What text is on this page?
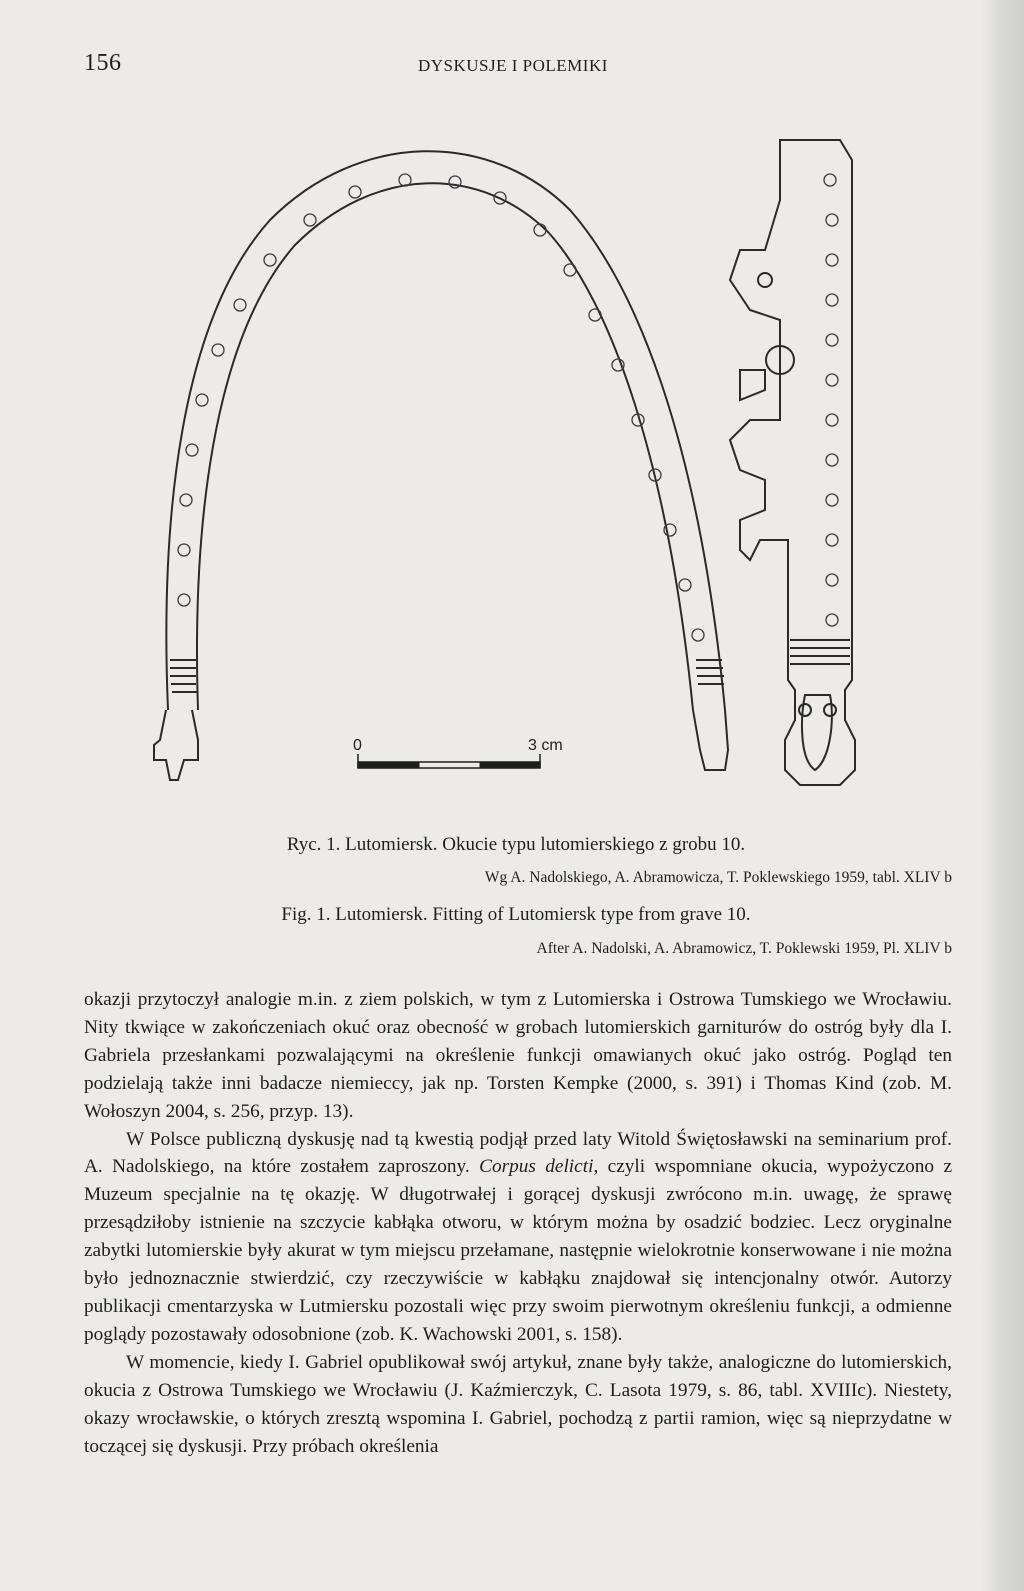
156	DYSKUSJE I POLEMIKI
0	3 cm
Ryc. 1. Lutomiersk. Okucie typu lutomierskiego z grobu 10.
Wg A. Nadolskiego, A. Abramowicza, T. Poklewskiego 1959, tabl. XLIV b
Fig. 1. Lutomiersk. Fitting of Lutomiersk type from grave 10.
After A. Nadolski, A. Abramowicz, T. Poklewski 1959, Pl. XLIV b

okazji przytoczył analogie m.in. z ziem polskich, w tym z Lutomierska i Ostrowa Tumskiego we Wrocławiu. Nity tkwiące w zakończeniach okuć oraz obecność w grobach lutomierskich garniturów do ostróg były dla I. Gabriela przesłankami pozwalającymi na określenie funkcji omawianych okuć jako ostróg. Pogląd ten podzielają także inni badacze niemieccy, jak np. Torsten Kempke (2000, s. 391) i Thomas Kind (zob. M. Wołoszyn 2004, s. 256, przyp. 13).

W Polsce publiczną dyskusję nad tą kwestią podjął przed laty Witold Świętosławski na seminarium prof. A. Nadolskiego, na które zostałem zaproszony. Corpus delicti, czyli wspomniane okucia, wypożyczono z Muzeum specjalnie na tę okazję. W długotrwałej i gorącej dyskusji zwrócono m.in. uwagę, że sprawę przesądziłoby istnienie na szczycie kabłąka otworu, w którym można by osadzić bodziec. Lecz oryginalne zabytki lutomierskie były akurat w tym miejscu przełamane, następnie wielokrotnie konserwowane i nie można było jednoznacznie stwierdzić, czy rzeczywiście w kabłąku znajdował się intencjonalny otwór. Autorzy publikacji cmentarzyska w Lutmiersku pozostali więc przy swoim pierwotnym określeniu funkcji, a odmienne poglądy pozostawały odosobnione (zob. K. Wachowski 2001, s. 158).

W momencie, kiedy I. Gabriel opublikował swój artykuł, znane były także, analogiczne do lutomierskich, okucia z Ostrowa Tumskiego we Wrocławiu (J. Kaźmierczyk, C. Lasota 1979, s. 86, tabl. XVIIIc). Niestety, okazy wrocławskie, o których zresztą wspomina I. Gabriel, pochodzą z partii ramion, więc są nieprzydatne w toczącej się dyskusji. Przy próbach określenia
